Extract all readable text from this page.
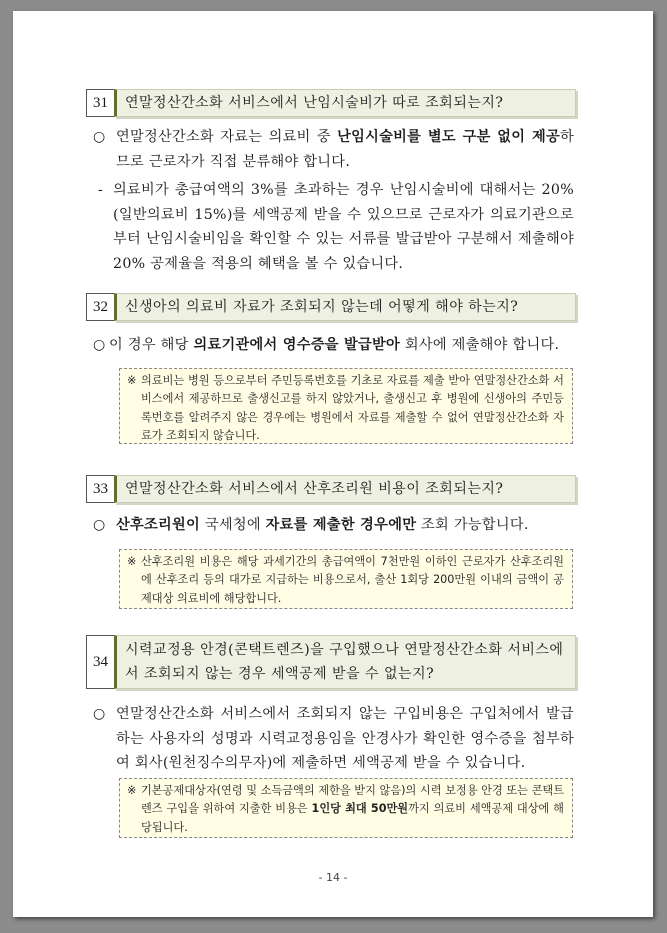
31	연말정산간소화 서비스에서 난임시술비가 따로 조회되는지?
○ 연말정산간소화 자료는 의료비 중 난임시술비를 별도 구분 없이 제공하므로 근로자가 직접 분류해야 합니다.
- 의료비가 총급여액의 3%를 초과하는 경우 난임시술비에 대해서는 20%(일반의료비 15%)를 세액공제 받을 수 있으므로 근로자가 의료기관으로부터 난임시술비임을 확인할 수 있는 서류를 발급받아 구분해서 제출해야 20% 공제율을 적용의 혜택을 볼 수 있습니다.
32	신생아의 의료비 자료가 조회되지 않는데 어떻게 해야 하는지?
○ 이 경우 해당 의료기관에서 영수증을 발급받아 회사에 제출해야 합니다.
※ 의료비는 병원 등으로부터 주민등록번호를 기초로 자료를 제출 받아 연말정산간소화 서비스에서 제공하므로 출생신고를 하지 않았거나, 출생신고 후 병원에 신생아의 주민등록번호를 알려주지 않은 경우에는 병원에서 자료를 제출할 수 없어 연말정산간소화 자료가 조회되지 않습니다.
33	연말정산간소화 서비스에서 산후조리원 비용이 조회되는지?
○ 산후조리원이 국세청에 자료를 제출한 경우에만 조회 가능합니다.
※ 산후조리원 비용은 해당 과세기간의 총급여액이 7천만원 이하인 근로자가 산후조리원에 산후조리 등의 대가로 지급하는 비용으로서, 출산 1회당 200만원 이내의 금액이 공제대상 의료비에 해당합니다.
34
시력교정용 안경(콘택트렌즈)을 구입했으나 연말정산간소화 서비스에서 조회되지 않는 경우 세액공제 받을 수 없는지?
○ 연말정산간소화 서비스에서 조회되지 않는 구입비용은 구입처에서 발급하는 사용자의 성명과 시력교정용임을 안경사가 확인한 영수증을 첨부하여 회사(원천징수의무자)에 제출하면 세액공제 받을 수 있습니다.
※ 기본공제대상자(연령 및 소득금액의 제한을 받지 않음)의 시력 보정용 안경 또는 콘택트렌즈 구입을 위하여 지출한 비용은 1인당 최대 50만원까지 의료비 세액공제 대상에 해당됩니다.
- 14 -
